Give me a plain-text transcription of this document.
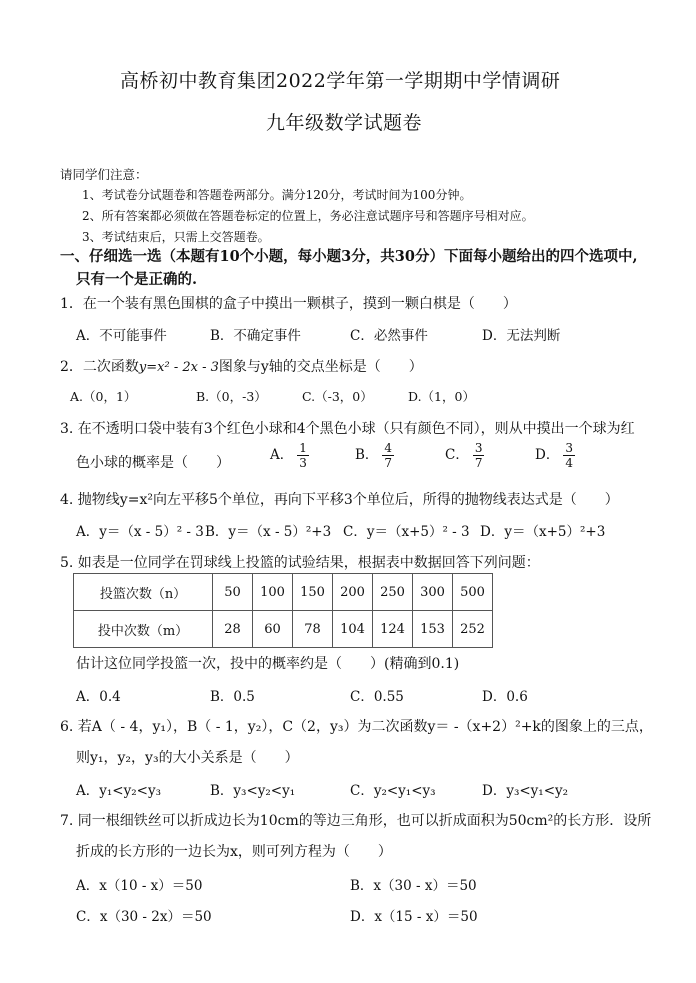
高桥初中教育集团2022学年第一学期期中学情调研
九年级数学试题卷
请同学们注意：
1、考试卷分试题卷和答题卷两部分。满分120分，考试时间为100分钟。
2、所有答案都必须做在答题卷标定的位置上，务必注意试题序号和答题序号相对应。
3、考试结束后，只需上交答题卷。
一、仔细选一选（本题有10个小题，每小题3分，共30分）下面每小题给出的四个选项中,
只有一个是正确的.
1．在一个装有黑色围棋的盒子中摸出一颗棋子，摸到一颗白棋是（　　）
A．不可能事件	B．不确定事件	C．必然事件	D．无法判断
2．二次函数y=x² - 2x - 3图象与y轴的交点坐标是（　　）
A.（0，1）	B.（0，-3）	C.（-3，0）	D.（1，0）
3. 在不透明口袋中装有3个红色小球和4个黑色小球（只有颜色不同），则从中摸出一个球为红
色小球的概率是（　　）	A． $\frac{1}{3}$	B． $\frac{4}{7}$	C． $\frac{3}{7}$	D． $\frac{3}{4}$
4. 抛物线y=x²向左平移5个单位，再向下平移3个单位后，所得的抛物线表达式是（　　）
A．y＝（x - 5）² - 3 B．y＝（x - 5）²+3 C．y＝（x+5）² - 3 D．y＝（x+5）²+3
5. 如表是一位同学在罚球线上投篮的试验结果，根据表中数据回答下列问题：
投篮次数（n）	50	100	150	200	250	300	500
投中次数（m）	28	60	78	104	124	153	252
估计这位同学投篮一次，投中的概率约是（　　）(精确到0.1)
A．0.4	B．0.5	C．0.55	D．0.6
6. 若A（ - 4，y₁），B（ - 1，y₂），C（2，y₃）为二次函数y＝ -（x+2）²+k的图象上的三点，
则y₁，y₂，y₃的大小关系是（　　）
A．y₁<y₂<y₃	B．y₃<y₂<y₁	C．y₂<y₁<y₃	D．y₃<y₁<y₂
7. 同一根细铁丝可以折成边长为10cm的等边三角形，也可以折成面积为50cm²的长方形．设所
折成的长方形的一边长为x，则可列方程为（　　）
A．x（10 - x）＝50	B．x（30 - x）＝50
C．x（30 - 2x）＝50	D．x（15 - x）＝50
